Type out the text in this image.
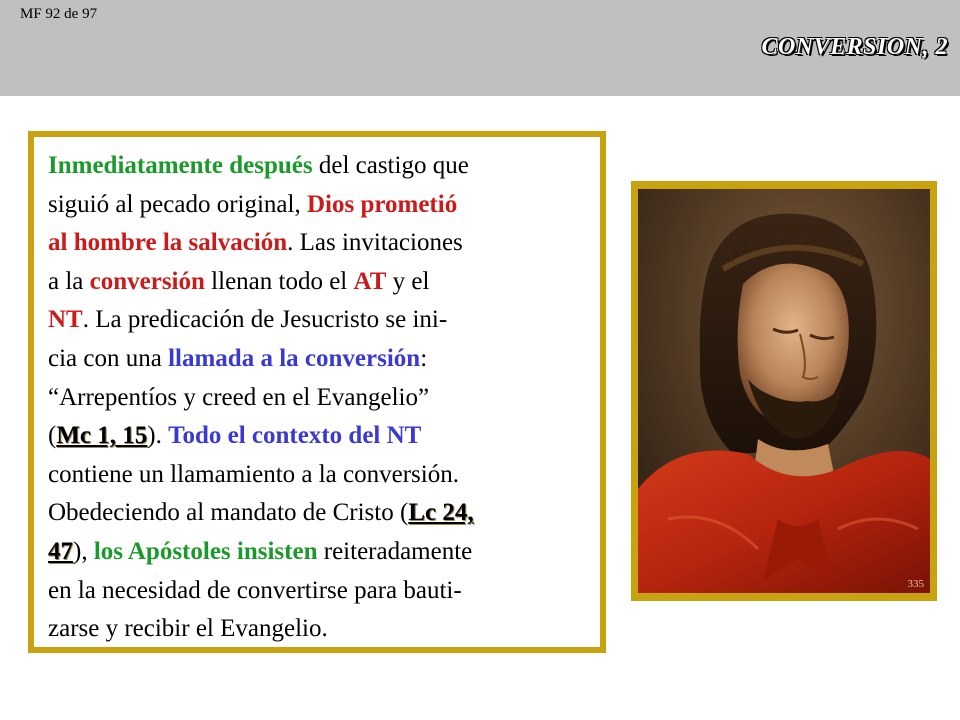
MF 92 de 97
CONVERSION, 2
Inmediatamente después del castigo que
siguió al pecado original, Dios prometió
al hombre la salvación. Las invitaciones
a la conversión llenan todo el AT y el
NT. La predicación de Jesucristo se ini-
cia con una llamada a la conversión:
“Arrepentíos y creed en el Evangelio”
(Mc 1, 15). Todo el contexto del NT
contiene un llamamiento a la conversión.
Obedeciendo al mandato de Cristo (Lc 24,
47), los Apóstoles insisten reiteradamente
en la necesidad de convertirse para bauti-
zarse y recibir el Evangelio.
335
